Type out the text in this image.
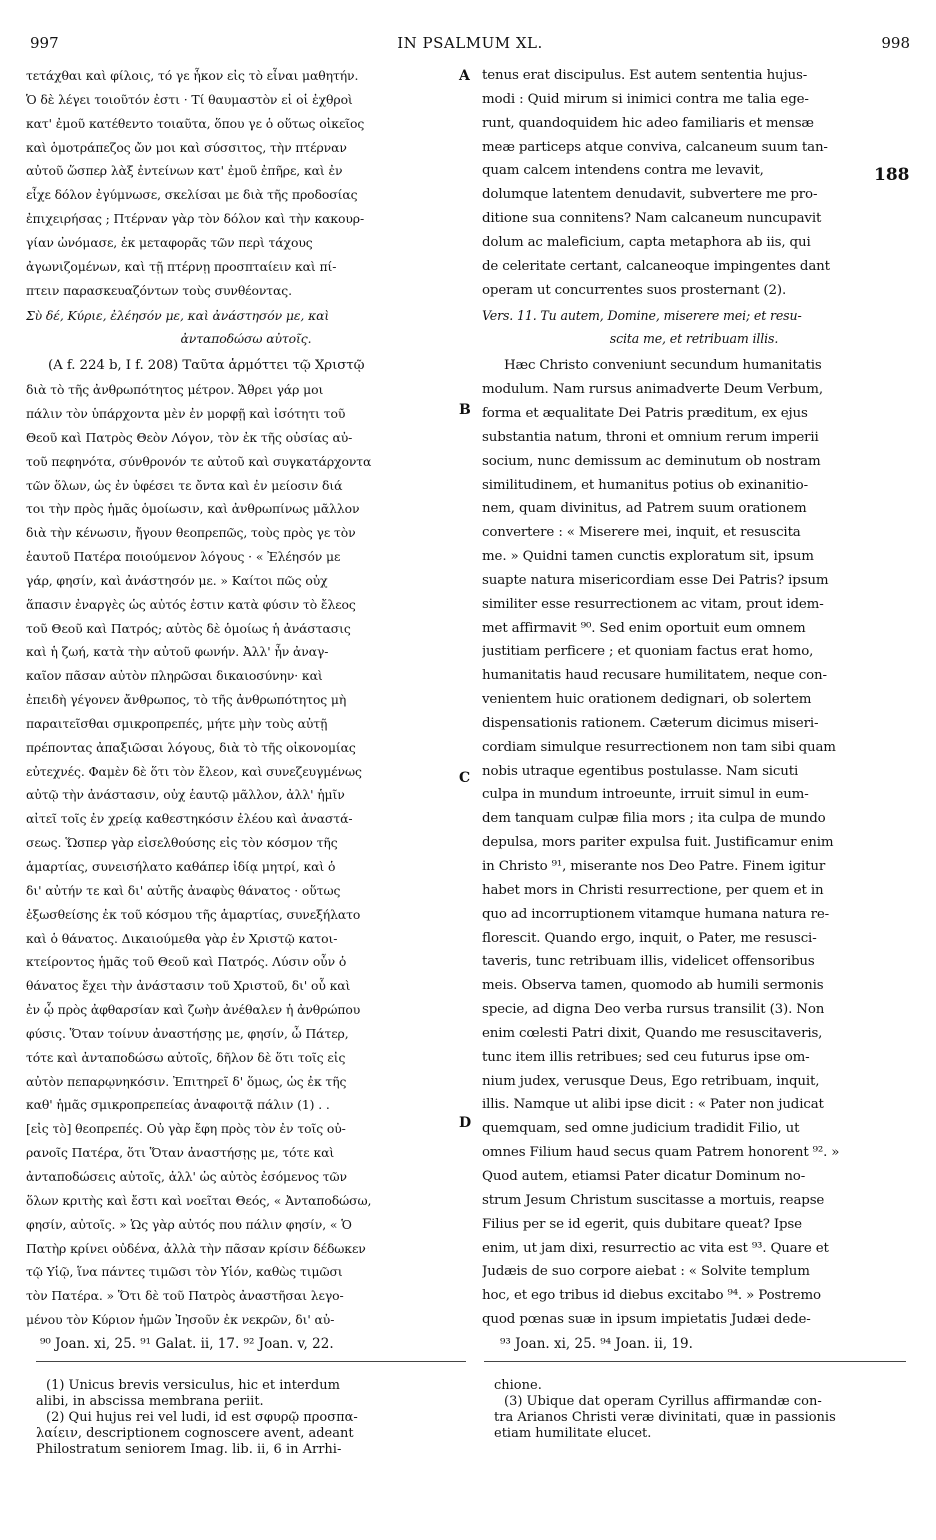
997	IN PSALMUM XL.	998
A
B
C
D
188
τετάχθαι καὶ φίλοις, τό γε ἧκον εἰς τὸ εἶναι μαθητήν.
Ὁ δὲ λέγει τοιοῦτόν ἐστι · Τί θαυμαστὸν εἰ οἱ ἐχθροὶ
κατ' ἐμοῦ κατέθεντο τοιαῦτα, ὅπου γε ὁ οὕτως οἰκεῖος
καὶ ὁμοτράπεζος ὤν μοι καὶ σύσσιτος, τὴν πτέρναν
αὐτοῦ ὥσπερ λὰξ ἐντείνων κατ' ἐμοῦ ἐπῆρε, καὶ ἐν
εἶχε δόλον ἐγύμνωσε, σκελίσαι με διὰ τῆς προδοσίας
ἐπιχειρήσας ; Πτέρναν γὰρ τὸν δόλον καὶ τὴν κακουρ-
γίαν ὠνόμασε, ἐκ μεταφορᾶς τῶν περὶ τάχους
ἀγωνιζομένων, καὶ τῇ πτέρνῃ προσπταίειν καὶ πί-
πτειν παρασκευαζόντων τοὺς συνθέοντας.
Σὺ δέ, Κύριε, ἐλέησόν με, καὶ ἀνάστησόν με, καὶ
ἀνταποδώσω αὐτοῖς.
(A f. 224 b, I f. 208) Ταῦτα ἁρμόττει τῷ Χριστῷ
διὰ τὸ τῆς ἀνθρωπότητος μέτρον. Ἄθρει γάρ μοι
πάλιν τὸν ὑπάρχοντα μὲν ἐν μορφῇ καὶ ἰσότητι τοῦ
Θεοῦ καὶ Πατρὸς Θεὸν Λόγον, τὸν ἐκ τῆς οὐσίας αὐ-
τοῦ πεφηνότα, σύνθρονόν τε αὐτοῦ καὶ συγκατάρχοντα
τῶν ὅλων, ὡς ἐν ὑφέσει τε ὄντα καὶ ἐν μείοσιν διά
τοι τὴν πρὸς ἡμᾶς ὁμοίωσιν, καὶ ἀνθρωπίνως μᾶλλον
διὰ τὴν κένωσιν, ἤγουν θεοπρεπῶς, τοὺς πρὸς γε τὸν
ἑαυτοῦ Πατέρα ποιούμενον λόγους · « Ἐλέησόν με
γάρ, φησίν, καὶ ἀνάστησόν με. » Καίτοι πῶς οὐχ
ἅπασιν ἐναργὲς ὡς αὐτός ἐστιν κατὰ φύσιν τὸ ἔλεος
τοῦ Θεοῦ καὶ Πατρός; αὐτὸς δὲ ὁμοίως ἡ ἀνάστασις
καὶ ἡ ζωή, κατὰ τὴν αὐτοῦ φωνήν. Ἀλλ' ἦν ἀναγ-
καῖον πᾶσαν αὐτὸν πληρῶσαι δικαιοσύνην· καὶ
ἐπειδὴ γέγονεν ἄνθρωπος, τὸ τῆς ἀνθρωπότητος μὴ
παραιτεῖσθαι σμικροπρεπές, μήτε μὴν τοὺς αὐτῇ
πρέποντας ἀπαξιῶσαι λόγους, διὰ τὸ τῆς οἰκονομίας
εὐτεχνές. Φαμὲν δὲ ὅτι τὸν ἔλεον, καὶ συνεζευγμένως
αὐτῷ τὴν ἀνάστασιν, οὐχ ἑαυτῷ μᾶλλον, ἀλλ' ἡμῖν
αἰτεῖ τοῖς ἐν χρείᾳ καθεστηκόσιν ἐλέου καὶ ἀναστά-
σεως. Ὥσπερ γὰρ εἰσελθούσης εἰς τὸν κόσμον τῆς
ἁμαρτίας, συνεισήλατο καθάπερ ἰδίᾳ μητρί, καὶ ὁ
δι' αὐτήν τε καὶ δι' αὐτῆς ἀναφὺς θάνατος · οὕτως
ἐξωσθείσης ἐκ τοῦ κόσμου τῆς ἁμαρτίας, συνεξήλατο
καὶ ὁ θάνατος. Δικαιούμεθα γὰρ ἐν Χριστῷ κατοι-
κτείροντος ἡμᾶς τοῦ Θεοῦ καὶ Πατρός. Λύσιν οὖν ὁ
θάνατος ἔχει τὴν ἀνάστασιν τοῦ Χριστοῦ, δι' οὗ καὶ
ἐν ᾧ πρὸς ἀφθαρσίαν καὶ ζωὴν ἀνέθαλεν ἡ ἀνθρώπου
φύσις. Ὅταν τοίνυν ἀναστήσῃς με, φησίν, ὦ Πάτερ,
τότε καὶ ἀνταποδώσω αὐτοῖς, δῆλον δὲ ὅτι τοῖς εἰς
αὐτὸν πεπαρῳνηκόσιν. Ἐπιτηρεῖ δ' ὅμως, ὡς ἐκ τῆς
καθ' ἡμᾶς σμικροπρεπείας ἀναφοιτᾷ πάλιν (1) . .
[εἰς τὸ] θεοπρεπές. Οὐ γὰρ ἔφη πρὸς τὸν ἐν τοῖς οὐ-
ρανοῖς Πατέρα, ὅτι Ὅταν ἀναστήσῃς με, τότε καὶ
ἀνταποδώσεις αὐτοῖς, ἀλλ' ὡς αὐτὸς ἐσόμενος τῶν
ὅλων κριτὴς καὶ ἔστι καὶ νοεῖται Θεός, « Ἀνταποδώσω,
φησίν, αὐτοῖς. » Ὡς γὰρ αὐτός που πάλιν φησίν, « Ὁ
Πατὴρ κρίνει οὐδένα, ἀλλὰ τὴν πᾶσαν κρίσιν δέδωκεν
τῷ Υἱῷ, ἵνα πάντες τιμῶσι τὸν Υἱόν, καθὼς τιμῶσι
τὸν Πατέρα. » Ὅτι δὲ τοῦ Πατρὸς ἀναστῆσαι λεγο-
μένου τὸν Κύριον ἡμῶν Ἰησοῦν ἐκ νεκρῶν, δι' αὐ-
tenus erat discipulus. Est autem sententia hujus-
modi : Quid mirum si inimici contra me talia ege-
runt, quandoquidem hic adeo familiaris et mensæ
meæ particeps atque conviva, calcaneum suum tan-
quam calcem intendens contra me levavit,
dolumque latentem denudavit, subvertere me pro-
ditione sua connitens? Nam calcaneum nuncupavit
dolum ac maleficium, capta metaphora ab iis, qui
de celeritate certant, calcaneoque impingentes dant
operam ut concurrentes suos prosternant (2).
Vers. 11. Tu autem, Domine, miserere mei; et resu-
scita me, et retribuam illis.
Hæc Christo conveniunt secundum humanitatis
modulum. Nam rursus animadverte Deum Verbum,
forma et æqualitate Dei Patris præditum, ex ejus
substantia natum, throni et omnium rerum imperii
socium, nunc demissum ac deminutum ob nostram
similitudinem, et humanitus potius ob exinanitio-
nem, quam divinitus, ad Patrem suum orationem
convertere : « Miserere mei, inquit, et resuscita
me. » Quidni tamen cunctis exploratum sit, ipsum
suapte natura misericordiam esse Dei Patris? ipsum
similiter esse resurrectionem ac vitam, prout idem-
met affirmavit ⁹⁰. Sed enim oportuit eum omnem
justitiam perficere ; et quoniam factus erat homo,
humanitatis haud recusare humilitatem, neque con-
venientem huic orationem dedignari, ob solertem
dispensationis rationem. Cæterum dicimus miseri-
cordiam simulque resurrectionem non tam sibi quam
nobis utraque egentibus postulasse. Nam sicuti
culpa in mundum introeunte, irruit simul in eum-
dem tanquam culpæ filia mors ; ita culpa de mundo
depulsa, mors pariter expulsa fuit. Justificamur enim
in Christo ⁹¹, miserante nos Deo Patre. Finem igitur
habet mors in Christi resurrectione, per quem et in
quo ad incorruptionem vitamque humana natura re-
florescit. Quando ergo, inquit, o Pater, me resusci-
taveris, tunc retribuam illis, videlicet offensoribus
meis. Observa tamen, quomodo ab humili sermonis
specie, ad digna Deo verba rursus transilit (3). Non
enim cœlesti Patri dixit, Quando me resuscitaveris,
tunc item illis retribues; sed ceu futurus ipse om-
nium judex, verusque Deus, Ego retribuam, inquit,
illis. Namque ut alibi ipse dicit : « Pater non judicat
quemquam, sed omne judicium tradidit Filio, ut
omnes Filium haud secus quam Patrem honorent ⁹². »
Quod autem, etiamsi Pater dicatur Dominum no-
strum Jesum Christum suscitasse a mortuis, reapse
Filius per se id egerit, quis dubitare queat? Ipse
enim, ut jam dixi, resurrectio ac vita est ⁹³. Quare et
Judæis de suo corpore aiebat : « Solvite templum
hoc, et ego tribus id diebus excitabo ⁹⁴. » Postremo
quod pœnas suæ in ipsum impietatis Judæi dede-
⁹⁰ Joan. xi, 25. ⁹¹ Galat. ii, 17. ⁹² Joan. v, 22.	⁹³ Joan. xi, 25. ⁹⁴ Joan. ii, 19.
(1) Unicus brevis versiculus, hic et interdum
alibi, in abscissa membrana periit.
(2) Qui hujus rei vel ludi, id est σφυρῷ προσπα-
λαίειν, descriptionem cognoscere avent, adeant
Philostratum seniorem Imag. lib. ii, 6 in Arrhi-
chione.
(3) Ubique dat operam Cyrillus affirmandæ con-
tra Arianos Christi veræ divinitati, quæ in passionis
etiam humilitate elucet.
